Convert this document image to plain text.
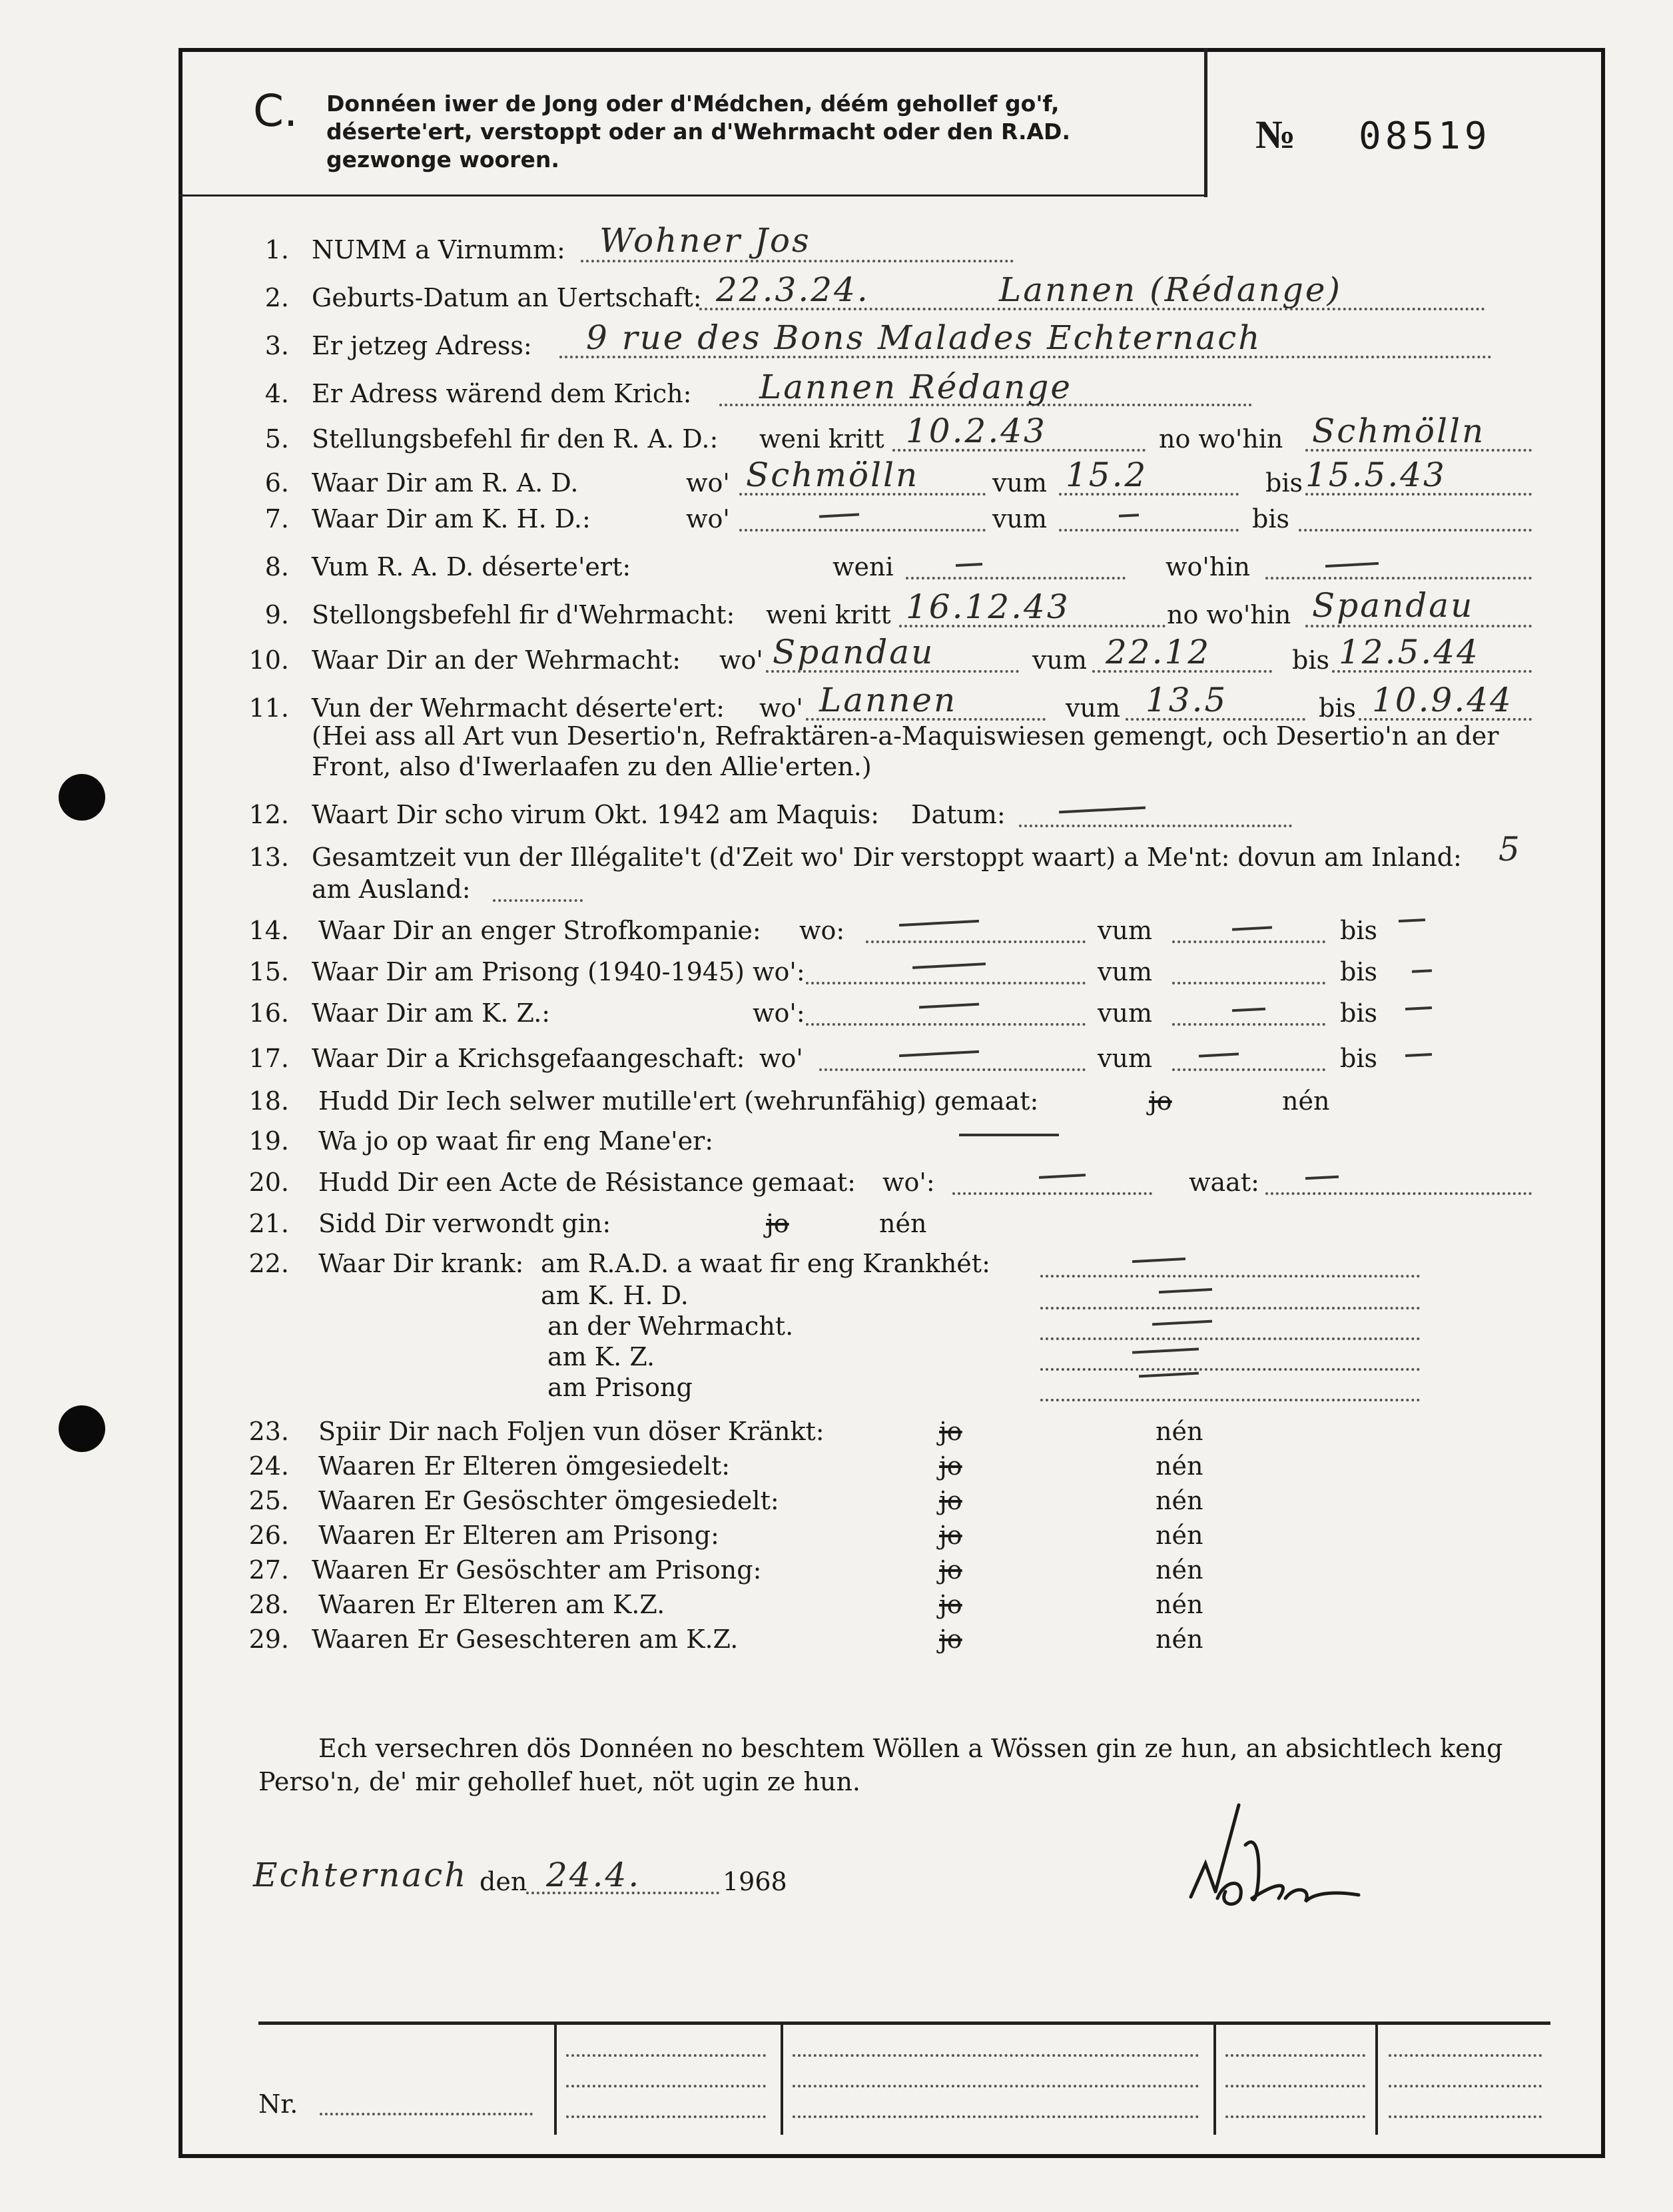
C. Donnéen iwer de Jong oder d'Médchen, déém gehollef go'f, déserte'ert, verstoppt oder an d'Wehrmacht oder den R.AD. gezwonge wooren.
№ 08519
1. NUMM a Virnumm: Wohner Jos
2. Geburts-Datum an Uertschaft: 22.3.24.	Lannen (Rédange)
3. Er jetzeg Adress: 9 rue des Bons Malades Echternach
4. Er Adress wärend dem Krich: Lannen Rédange
5. Stellungsbefehl fir den R. A. D.: weni kritt 10.2.43	no wo'hin Schmölln
6. Waar Dir am R. A. D.	wo' Schmölln	vum 15.2	bis 15.5.43
7. Waar Dir am K. H. D.:	wo'	vum	bis
8. Vum R. A. D. déserte'ert:	weni	wo'hin
9. Stellongsbefehl fir d'Wehrmacht: weni kritt 16.12.43	no wo'hin Spandau
10. Waar Dir an der Wehrmacht: wo' Spandau	vum 22.12	bis 12.5.44
11. Vun der Wehrmacht déserte'ert: wo' Lannen	vum 13.5	bis 10.9.44
(Hei ass all Art vun Desertio'n, Refraktären-a-Maquiswiesen gemengt, och Desertio'n an der Front, also d'Iwerlaafen zu den Allie'erten.)
12. Waart Dir scho virum Okt. 1942 am Maquis: Datum:
13. Gesamtzeit vun der Illégalite't (d'Zeit wo' Dir verstoppt waart) a Me'nt: dovun am Inland: 5
am Ausland:
14. Waar Dir an enger Strofkompanie: wo:	vum	bis
15. Waar Dir am Prisong (1940-1945) wo':	vum	bis
16. Waar Dir am K. Z.:	wo':	vum	bis
17. Waar Dir a Krichsgefaangeschaft: wo'	vum	bis
18. Hudd Dir Iech selwer mutille'ert (wehrunfähig) gemaat:	jo	nén
19. Wa jo op waat fir eng Mane'er:
20. Hudd Dir een Acte de Résistance gemaat: wo':	waat:
21. Sidd Dir verwondt gin:	jo	nén
22. Waar Dir krank: am R.A.D. a waat fir eng Krankhét:
am K. H. D.
an der Wehrmacht.
am K. Z.
am Prisong
23. Spiir Dir nach Foljen vun döser Kränkt:	jo	nén
24. Waaren Er Elteren ömgesiedelt:	jo	nén
25. Waaren Er Gesöschter ömgesiedelt:	jo	nén
26. Waaren Er Elteren am Prisong:	jo	nén
27. Waaren Er Gesöschter am Prisong:	jo	nén
28. Waaren Er Elteren am K.Z.	jo	nén
29. Waaren Er Geseschteren am K.Z.	jo	nén
Ech versechren dös Donnéen no beschtem Wöllen a Wössen gin ze hun, an absichtlech keng Perso'n, de' mir gehollef huet, nöt ugin ze hun.
Echternach den 24.4.	1968
Nr.
